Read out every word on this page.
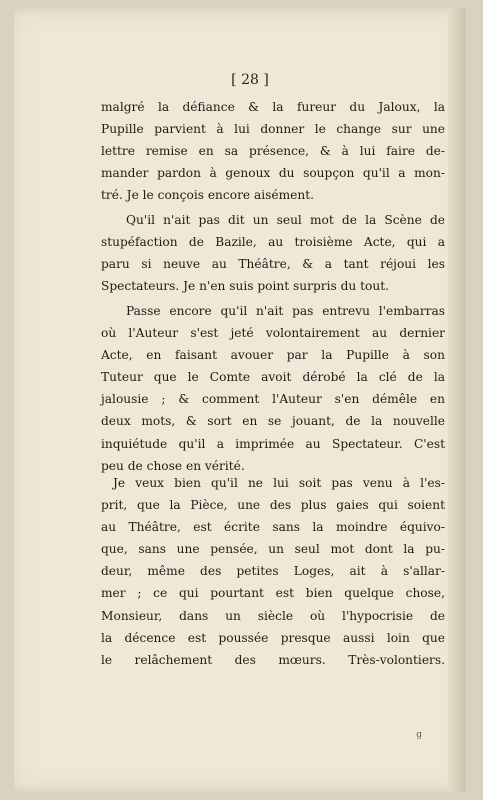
[ 28 ]
malgré la défiance & la fureur du Jaloux, la
Pupille parvient à lui donner le change sur une
lettre remise en sa présence, & à lui faire de-
mander pardon à genoux du soupçon qu'il a mon-
tré. Je le conçois encore aisément.
Qu'il n'ait pas dit un seul mot de la Scène de
stupéfaction de Bazile, au troisième Acte, qui a
paru si neuve au Théâtre, & a tant réjoui les
Spectateurs. Je n'en suis point surpris du tout.
Passe encore qu'il n'ait pas entrevu l'embarras
où l'Auteur s'est jeté volontairement au dernier
Acte, en faisant avouer par la Pupille à son
Tuteur que le Comte avoit dérobé la clé de la
jalousie ; & comment l'Auteur s'en démêle en
deux mots, & sort en se jouant, de la nouvelle
inquiétude qu'il a imprimée au Spectateur. C'est
peu de chose en vérité.
Je veux bien qu'il ne lui soit pas venu à l'es-
prit, que la Pièce, une des plus gaies qui soient
au Théâtre, est écrite sans la moindre équivo-
que, sans une pensée, un seul mot dont la pu-
deur, même des petites Loges, ait à s'allar-
mer ; ce qui pourtant est bien quelque chose,
Monsieur, dans un siècle où l'hypocrisie de
la décence est poussée presque aussi loin que
le relâchement des mœurs. Très-volontiers.
g
